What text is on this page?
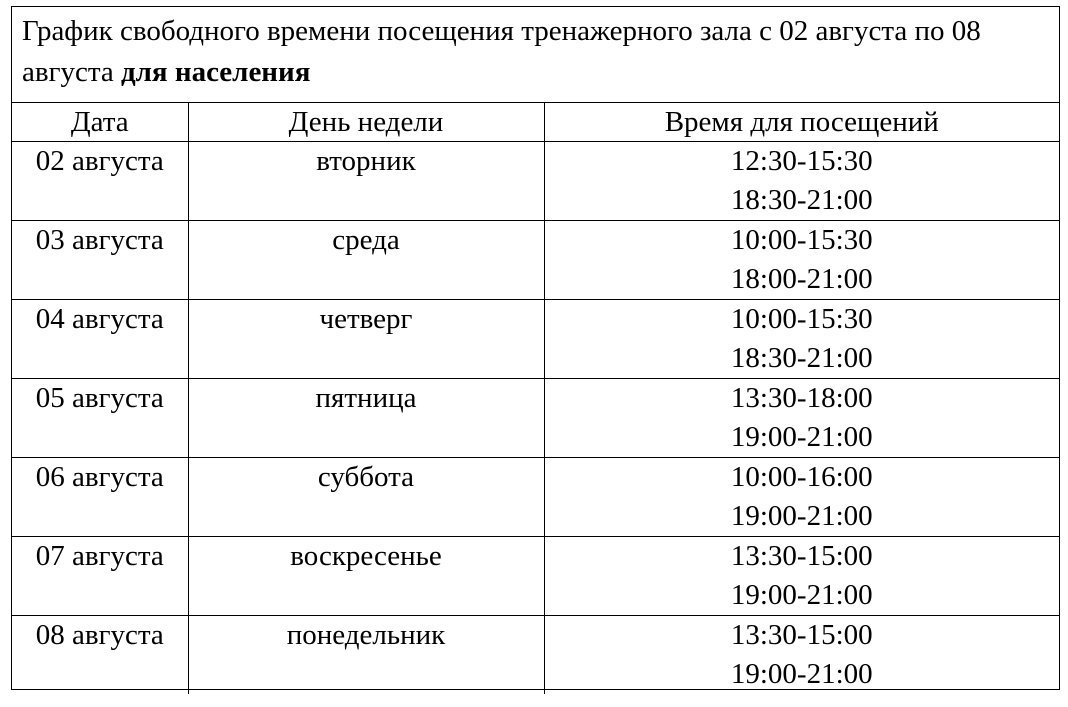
График свободного времени посещения тренажерного зала с 02 августа по 08 августа для населения
Дата	День недели	Время для посещений
02 августа	вторник	12:30-15:30
18:30-21:00

03 августа	среда	10:00-15:30
18:00-21:00

04 августа	четверг	10:00-15:30
18:30-21:00

05 августа	пятница	13:30-18:00
19:00-21:00

06 августа	суббота	10:00-16:00
19:00-21:00

07 августа	воскресенье	13:30-15:00
19:00-21:00

08 августа	понедельник	13:30-15:00
19:00-21:00
